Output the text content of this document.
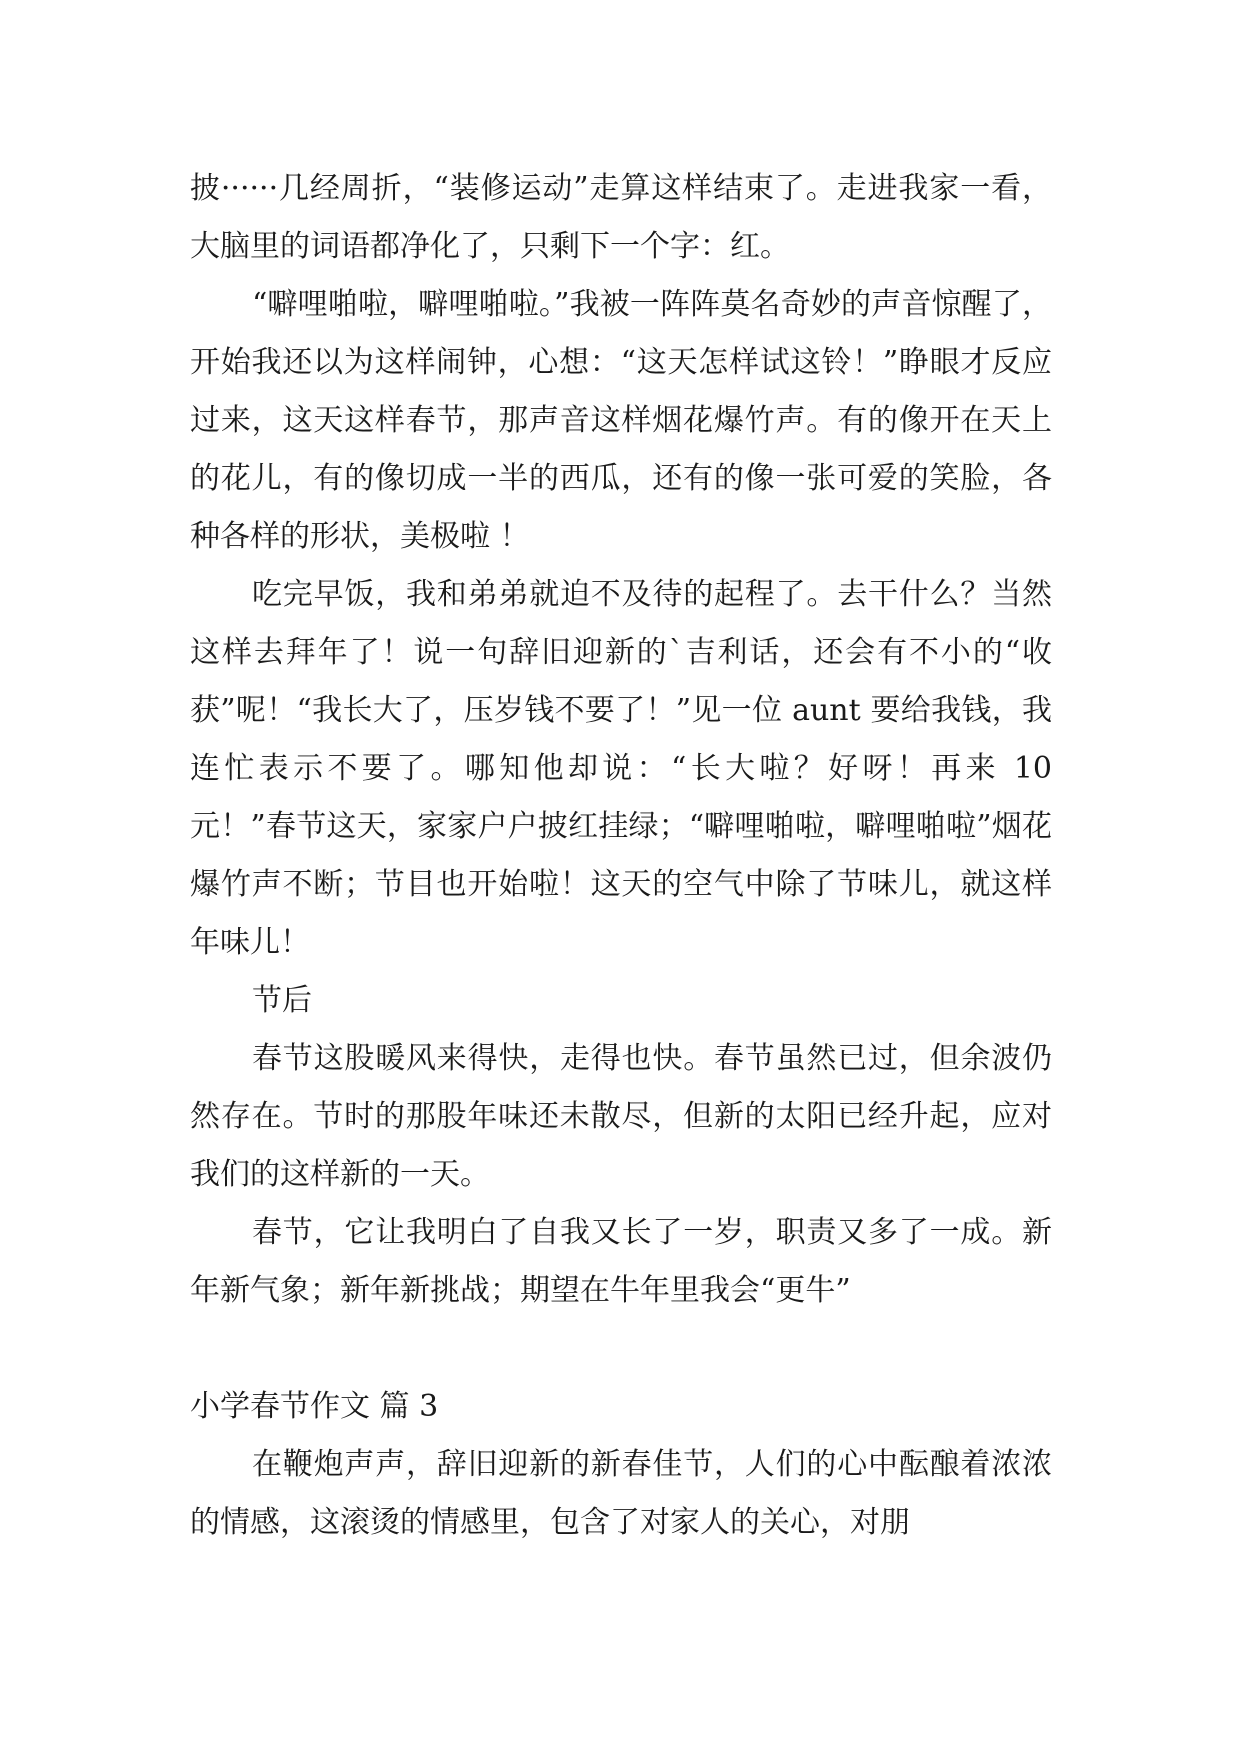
披······几经周折，“装修运动”走算这样结束了。走进我家一看，大脑里的词语都净化了，只剩下一个字：红。

“噼哩啪啦，噼哩啪啦。”我被一阵阵莫名奇妙的声音惊醒了，开始我还以为这样闹钟，心想：“这天怎样试这铃！”睁眼才反应过来，这天这样春节，那声音这样烟花爆竹声。有的像开在天上的花儿，有的像切成一半的西瓜，还有的像一张可爱的笑脸，各种各样的形状，美极啦 ！

吃完早饭，我和弟弟就迫不及待的起程了。去干什么？当然这样去拜年了！说一句辞旧迎新的`吉利话，还会有不小的“收获”呢！“我长大了，压岁钱不要了！”见一位 aunt 要给我钱，我连忙表示不要了。哪知他却说：“长大啦？好呀！再来 10 元！”春节这天，家家户户披红挂绿；“噼哩啪啦，噼哩啪啦”烟花爆竹声不断；节目也开始啦！这天的空气中除了节味儿，就这样年味儿！

节后

春节这股暖风来得快，走得也快。春节虽然已过，但余波仍然存在。节时的那股年味还未散尽，但新的太阳已经升起，应对我们的这样新的一天。

春节，它让我明白了自我又长了一岁，职责又多了一成。新年新气象；新年新挑战；期望在牛年里我会“更牛”

小学春节作文 篇 3

在鞭炮声声，辞旧迎新的新春佳节，人们的心中酝酿着浓浓的情感，这滚烫的情感里，包含了对家人的关心，对朋
